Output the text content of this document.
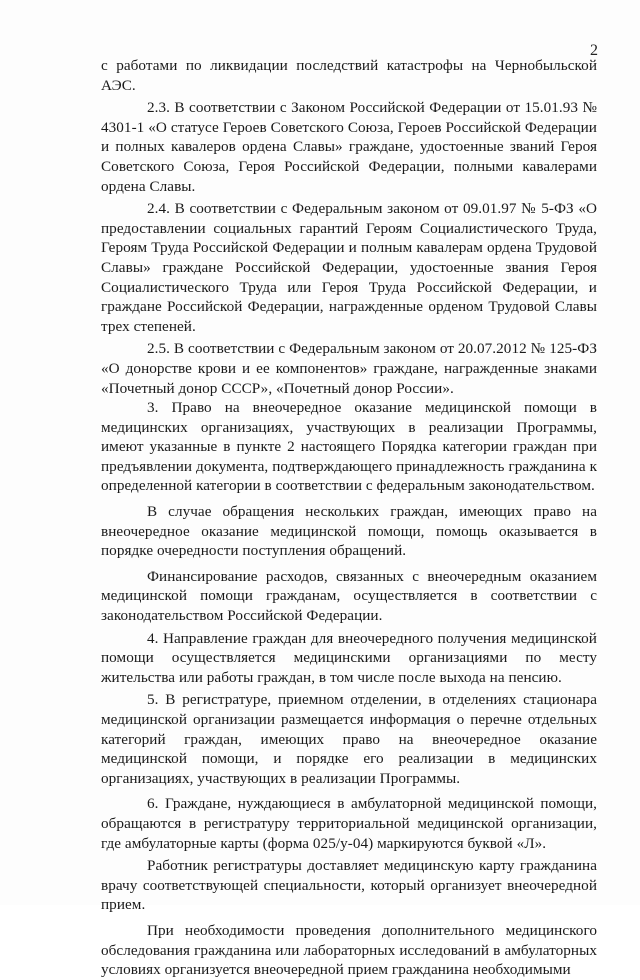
2

с работами по ликвидации последствий катастрофы на Чернобыльской АЭС.

2.3. В соответствии с Законом Российской Федерации от 15.01.93 № 4301-1 «О статусе Героев Советского Союза, Героев Российской Федерации и полных кавалеров ордена Славы» граждане, удостоенные званий Героя Советского Союза, Героя Российской Федерации, полными кавалерами ордена Славы.

2.4. В соответствии с Федеральным законом от 09.01.97 № 5-ФЗ «О предоставлении социальных гарантий Героям Социалистического Труда, Героям Труда Российской Федерации и полным кавалерам ордена Трудовой Славы» граждане Российской Федерации, удостоенные звания Героя Социалистического Труда или Героя Труда Российской Федерации, и граждане Российской Федерации, награжденные орденом Трудовой Славы трех степеней.

2.5. В соответствии с Федеральным законом от 20.07.2012 № 125-ФЗ «О донорстве крови и ее компонентов» граждане, награжденные знаками «Почетный донор СССР», «Почетный донор России».

3. Право на внеочередное оказание медицинской помощи в медицинских организациях, участвующих в реализации Программы, имеют указанные в пункте 2 настоящего Порядка категории граждан при предъявлении документа, подтверждающего принадлежность гражданина к определенной категории в соответствии с федеральным законодательством.

В случае обращения нескольких граждан, имеющих право на внеочередное оказание медицинской помощи, помощь оказывается в порядке очередности поступления обращений.

Финансирование расходов, связанных с внеочередным оказанием медицинской помощи гражданам, осуществляется в соответствии с законодательством Российской Федерации.

4. Направление граждан для внеочередного получения медицинской помощи осуществляется медицинскими организациями по месту жительства или работы граждан, в том числе после выхода на пенсию.

5. В регистратуре, приемном отделении, в отделениях стационара медицинской организации размещается информация о перечне отдельных категорий граждан, имеющих право на внеочередное оказание медицинской помощи, и порядке его реализации в медицинских организациях, участвующих в реализации Программы.

6. Граждане, нуждающиеся в амбулаторной медицинской помощи, обращаются в регистратуру территориальной медицинской организации, где амбулаторные карты (форма 025/у-04) маркируются буквой «Л».

Работник регистратуры доставляет медицинскую карту гражданина врачу соответствующей специальности, который организует внеочередной прием.

При необходимости проведения дополнительного медицинского обследования гражданина или лабораторных исследований в амбулаторных условиях организуется внеочередной прием гражданина необходимыми
